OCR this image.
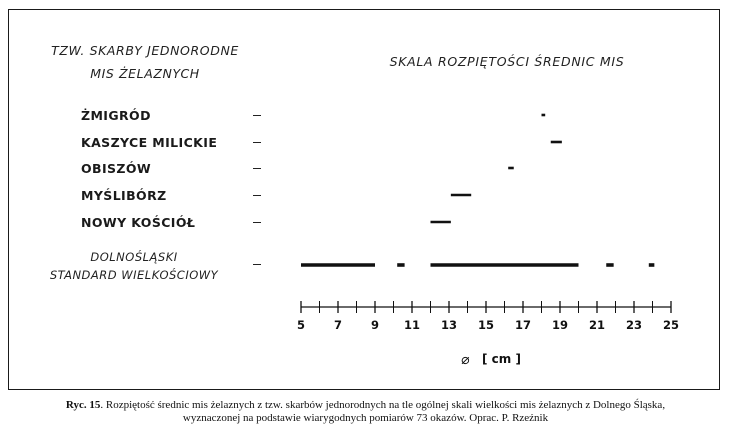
TZW. SKARBY JEDNORODNE
MIS ŻELAZNYCH
SKALA ROZPIĘTOŚCI ŚREDNIC MIS
ŻMIGRÓD
KASZYCE MILICKIE
OBISZÓW
MYŚLIBÓRZ
NOWY KOŚCIÓŁ
DOLNOŚLĄSKI
STANDARD WIELKOŚCIOWY
5	7	9 11 13 15 17 19 21 23 25
⌀ [ cm ]
Ryc. 15. Rozpiętość średnic mis żelaznych z tzw. skarbów jednorodnych na tle ogólnej skali wielkości mis żelaznych z Dolnego Śląska,
wyznaczonej na podstawie wiarygodnych pomiarów 73 okazów. Oprac. P. Rzeźnik
